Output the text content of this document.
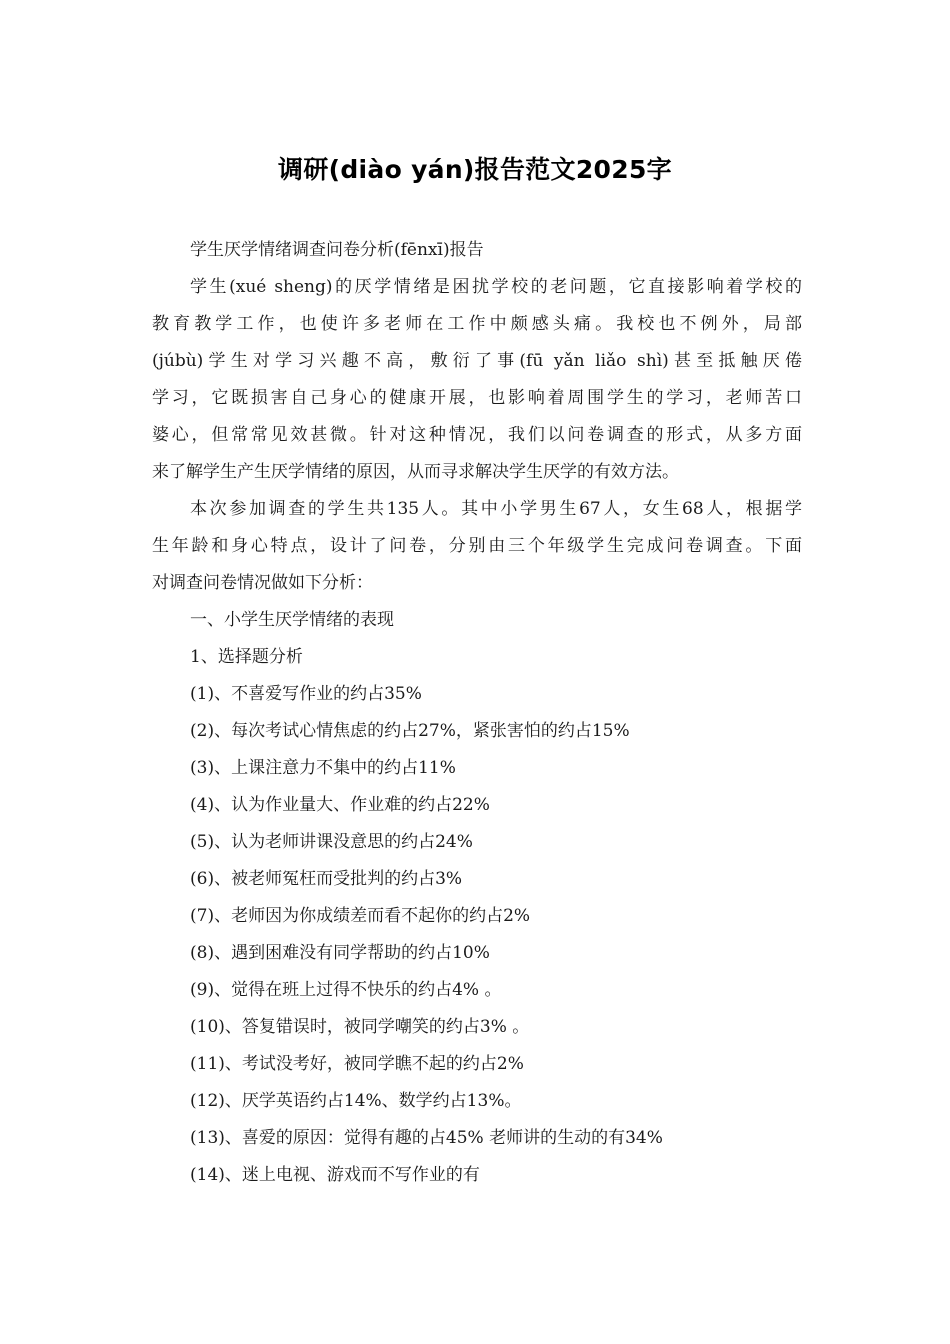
调研(diào yán)报告范文2025字
学生厌学情绪调查问卷分析(fēnxī)报告
学生(xué sheng)的厌学情绪是困扰学校的老问题，它直接影响着学校的
教育教学工作，也使许多老师在工作中颇感头痛。我校也不例外，局部
(júbù)学生对学习兴趣不高，敷衍了事(fū yǎn liǎo shì)甚至抵触厌倦
学习，它既损害自己身心的健康开展，也影响着周围学生的学习，老师苦口
婆心，但常常见效甚微。针对这种情况，我们以问卷调查的形式，从多方面
来了解学生产生厌学情绪的原因，从而寻求解决学生厌学的有效方法。
本次参加调查的学生共135人。其中小学男生67人，女生68人，根据学
生年龄和身心特点，设计了问卷，分别由三个年级学生完成问卷调查。下面
对调查问卷情况做如下分析：
一、小学生厌学情绪的表现
1、选择题分析
(1)、不喜爱写作业的约占35%
(2)、每次考试心情焦虑的约占27%，紧张害怕的约占15%
(3)、上课注意力不集中的约占11%
(4)、认为作业量大、作业难的约占22%
(5)、认为老师讲课没意思的约占24%
(6)、被老师冤枉而受批判的约占3%
(7)、老师因为你成绩差而看不起你的约占2%
(8)、遇到困难没有同学帮助的约占10%
(9)、觉得在班上过得不快乐的约占4% 。
(10)、答复错误时，被同学嘲笑的约占3% 。
(11)、考试没考好，被同学瞧不起的约占2%
(12)、厌学英语约占14%、数学约占13%。
(13)、喜爱的原因：觉得有趣的占45% 老师讲的生动的有34%
(14)、迷上电视、游戏而不写作业的有
